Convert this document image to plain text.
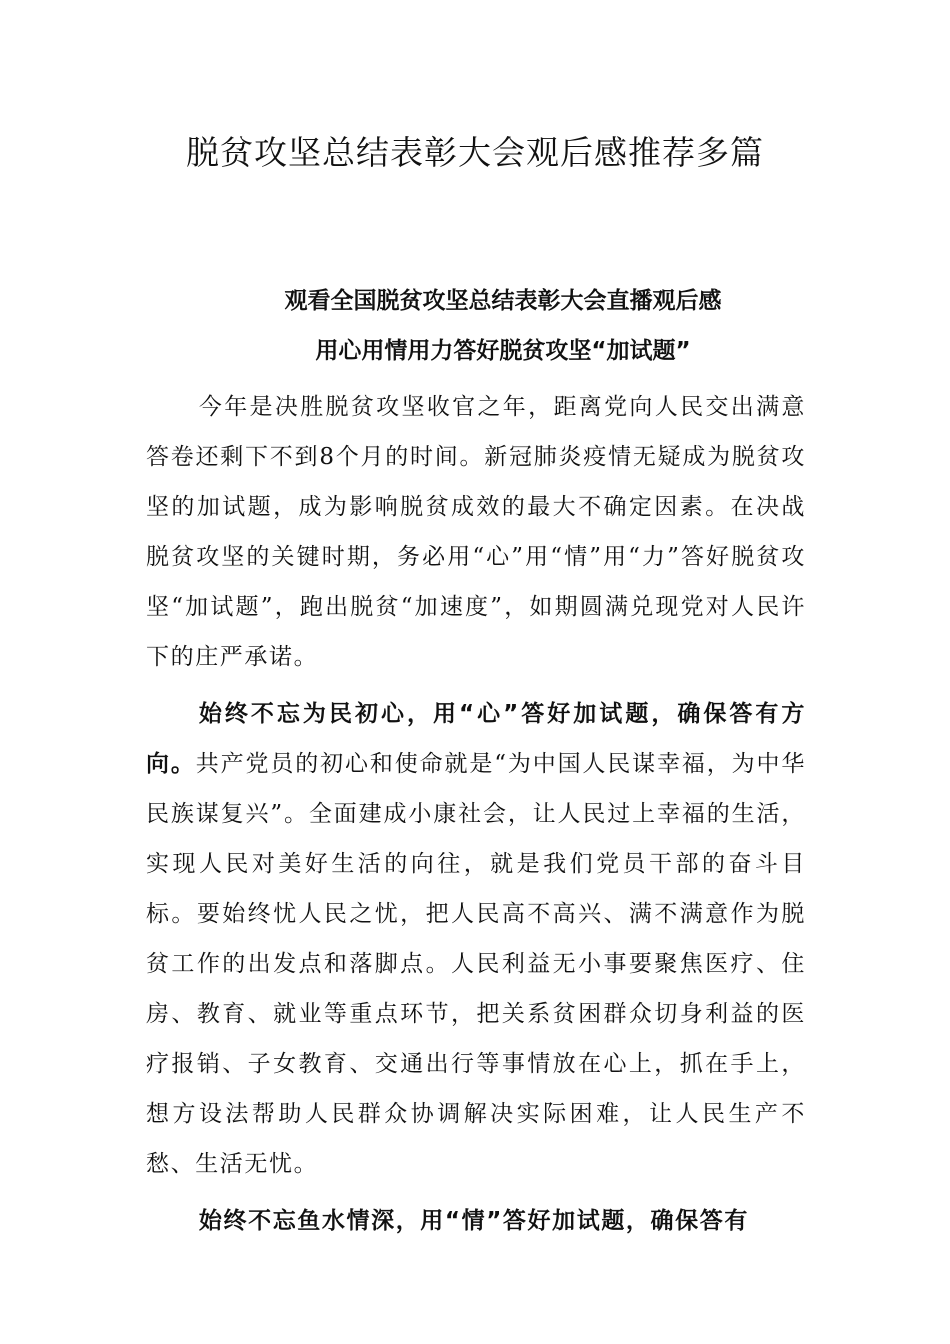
脱贫攻坚总结表彰大会观后感推荐多篇
观看全国脱贫攻坚总结表彰大会直播观后感
用心用情用力答好脱贫攻坚“加试题”

今年是决胜脱贫攻坚收官之年，距离党向人民交出满意答卷还剩下不到8个月的时间。新冠肺炎疫情无疑成为脱贫攻坚的加试题，成为影响脱贫成效的最大不确定因素。在决战脱贫攻坚的关键时期，务必用“心”用“情”用“力”答好脱贫攻坚“加试题”，跑出脱贫“加速度”，如期圆满兑现党对人民许下的庄严承诺。

始终不忘为民初心，用“心”答好加试题，确保答有方向。共产党员的初心和使命就是“为中国人民谋幸福，为中华民族谋复兴”。全面建成小康社会，让人民过上幸福的生活，实现人民对美好生活的向往，就是我们党员干部的奋斗目标。要始终忧人民之忧，把人民高不高兴、满不满意作为脱贫工作的出发点和落脚点。人民利益无小事要聚焦医疗、住房、教育、就业等重点环节，把关系贫困群众切身利益的医疗报销、子女教育、交通出行等事情放在心上，抓在手上，想方设法帮助人民群众协调解决实际困难，让人民生产不愁、生活无忧。

始终不忘鱼水情深，用“情”答好加试题，确保答有
